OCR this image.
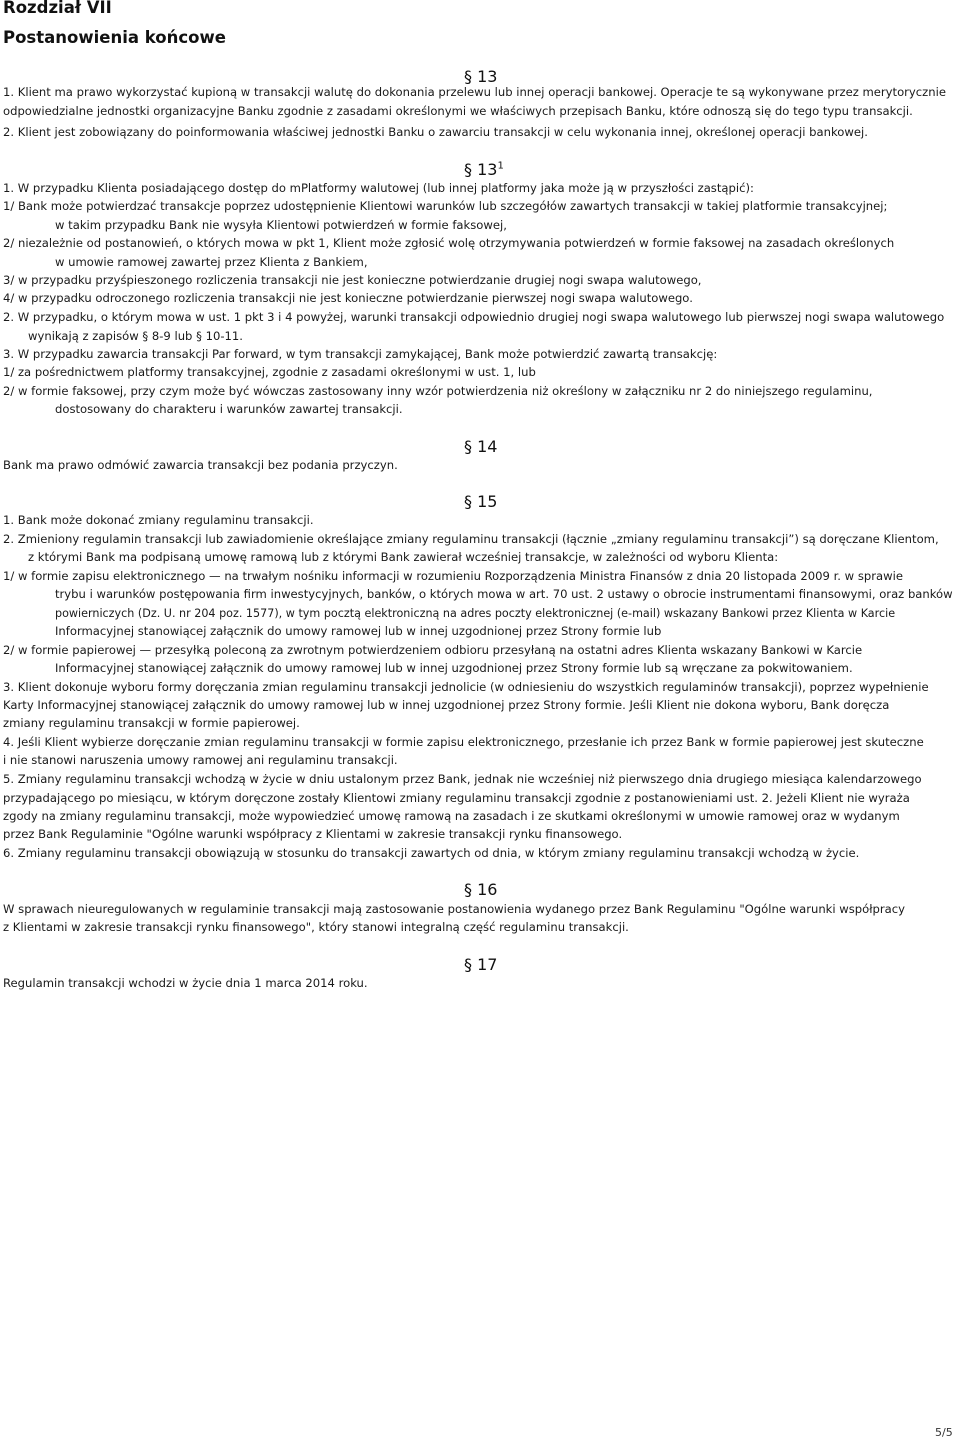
Rozdział VII
Postanowienia końcowe
§ 13
1. Klient ma prawo wykorzystać kupioną w transakcji walutę do dokonania przelewu lub innej operacji bankowej. Operacje te są wykonywane przez merytorycznie
odpowiedzialne jednostki organizacyjne Banku zgodnie z zasadami określonymi we właściwych przepisach Banku, które odnoszą się do tego typu transakcji.
2. Klient jest zobowiązany do poinformowania właściwej jednostki Banku o zawarciu transakcji w celu wykonania innej, określonej operacji bankowej.
§ $13^1$
1. W przypadku Klienta posiadającego dostęp do mPlatformy walutowej (lub innej platformy jaka może ją w przyszłości zastąpić):
1/ Bank może potwierdzać transakcje poprzez udostępnienie Klientowi warunków lub szczegółów zawartych transakcji w takiej platformie transakcyjnej;
w takim przypadku Bank nie wysyła Klientowi potwierdzeń w formie faksowej,
2/ niezależnie od postanowień, o których mowa w pkt 1, Klient może zgłosić wolę otrzymywania potwierdzeń w formie faksowej na zasadach określonych
w umowie ramowej zawartej przez Klienta z Bankiem,
3/ w przypadku przyśpieszonego rozliczenia transakcji nie jest konieczne potwierdzanie drugiej nogi swapa walutowego,
4/ w przypadku odroczonego rozliczenia transakcji nie jest konieczne potwierdzanie pierwszej nogi swapa walutowego.
2. W przypadku, o którym mowa w ust. 1 pkt 3 i 4 powyżej, warunki transakcji odpowiednio drugiej nogi swapa walutowego lub pierwszej nogi swapa walutowego
wynikają z zapisów § 8-9 lub § 10-11.
3. W przypadku zawarcia transakcji Par forward, w tym transakcji zamykającej, Bank może potwierdzić zawartą transakcję:
1/ za pośrednictwem platformy transakcyjnej, zgodnie z zasadami określonymi w ust. 1, lub
2/ w formie faksowej, przy czym może być wówczas zastosowany inny wzór potwierdzenia niż określony w załączniku nr 2 do niniejszego regulaminu,
dostosowany do charakteru i warunków zawartej transakcji.
§ 14
Bank ma prawo odmówić zawarcia transakcji bez podania przyczyn.
§ 15
1. Bank może dokonać zmiany regulaminu transakcji.
2. Zmieniony regulamin transakcji lub zawiadomienie określające zmiany regulaminu transakcji (łącznie „zmiany regulaminu transakcji”) są doręczane Klientom,
z którymi Bank ma podpisaną umowę ramową lub z którymi Bank zawierał wcześniej transakcje, w zależności od wyboru Klienta:
1/ w formie zapisu elektronicznego — na trwałym nośniku informacji w rozumieniu Rozporządzenia Ministra Finansów z dnia 20 listopada 2009 r. w sprawie
trybu i warunków postępowania firm inwestycyjnych, banków, o których mowa w art. 70 ust. 2 ustawy o obrocie instrumentami finansowymi, oraz banków
powierniczych (Dz. U. nr 204 poz. 1577), w tym pocztą elektroniczną na adres poczty elektronicznej (e-mail) wskazany Bankowi przez Klienta w Karcie
Informacyjnej stanowiącej załącznik do umowy ramowej lub w innej uzgodnionej przez Strony formie lub
2/ w formie papierowej — przesyłką poleconą za zwrotnym potwierdzeniem odbioru przesyłaną na ostatni adres Klienta wskazany Bankowi w Karcie
Informacyjnej stanowiącej załącznik do umowy ramowej lub w innej uzgodnionej przez Strony formie lub są wręczane za pokwitowaniem.
3. Klient dokonuje wyboru formy doręczania zmian regulaminu transakcji jednolicie (w odniesieniu do wszystkich regulaminów transakcji), poprzez wypełnienie
Karty Informacyjnej stanowiącej załącznik do umowy ramowej lub w innej uzgodnionej przez Strony formie. Jeśli Klient nie dokona wyboru, Bank doręcza
zmiany regulaminu transakcji w formie papierowej.
4. Jeśli Klient wybierze doręczanie zmian regulaminu transakcji w formie zapisu elektronicznego, przesłanie ich przez Bank w formie papierowej jest skuteczne
i nie stanowi naruszenia umowy ramowej ani regulaminu transakcji.
5. Zmiany regulaminu transakcji wchodzą w życie w dniu ustalonym przez Bank, jednak nie wcześniej niż pierwszego dnia drugiego miesiąca kalendarzowego
przypadającego po miesiącu, w którym doręczone zostały Klientowi zmiany regulaminu transakcji zgodnie z postanowieniami ust. 2. Jeżeli Klient nie wyraża
zgody na zmiany regulaminu transakcji, może wypowiedzieć umowę ramową na zasadach i ze skutkami określonymi w umowie ramowej oraz w wydanym
przez Bank Regulaminie "Ogólne warunki współpracy z Klientami w zakresie transakcji rynku finansowego.
6. Zmiany regulaminu transakcji obowiązują w stosunku do transakcji zawartych od dnia, w którym zmiany regulaminu transakcji wchodzą w życie.
§ 16
W sprawach nieuregulowanych w regulaminie transakcji mają zastosowanie postanowienia wydanego przez Bank Regulaminu "Ogólne warunki współpracy
z Klientami w zakresie transakcji rynku finansowego", który stanowi integralną część regulaminu transakcji.
§ 17
Regulamin transakcji wchodzi w życie dnia 1 marca 2014 roku.
5/5
